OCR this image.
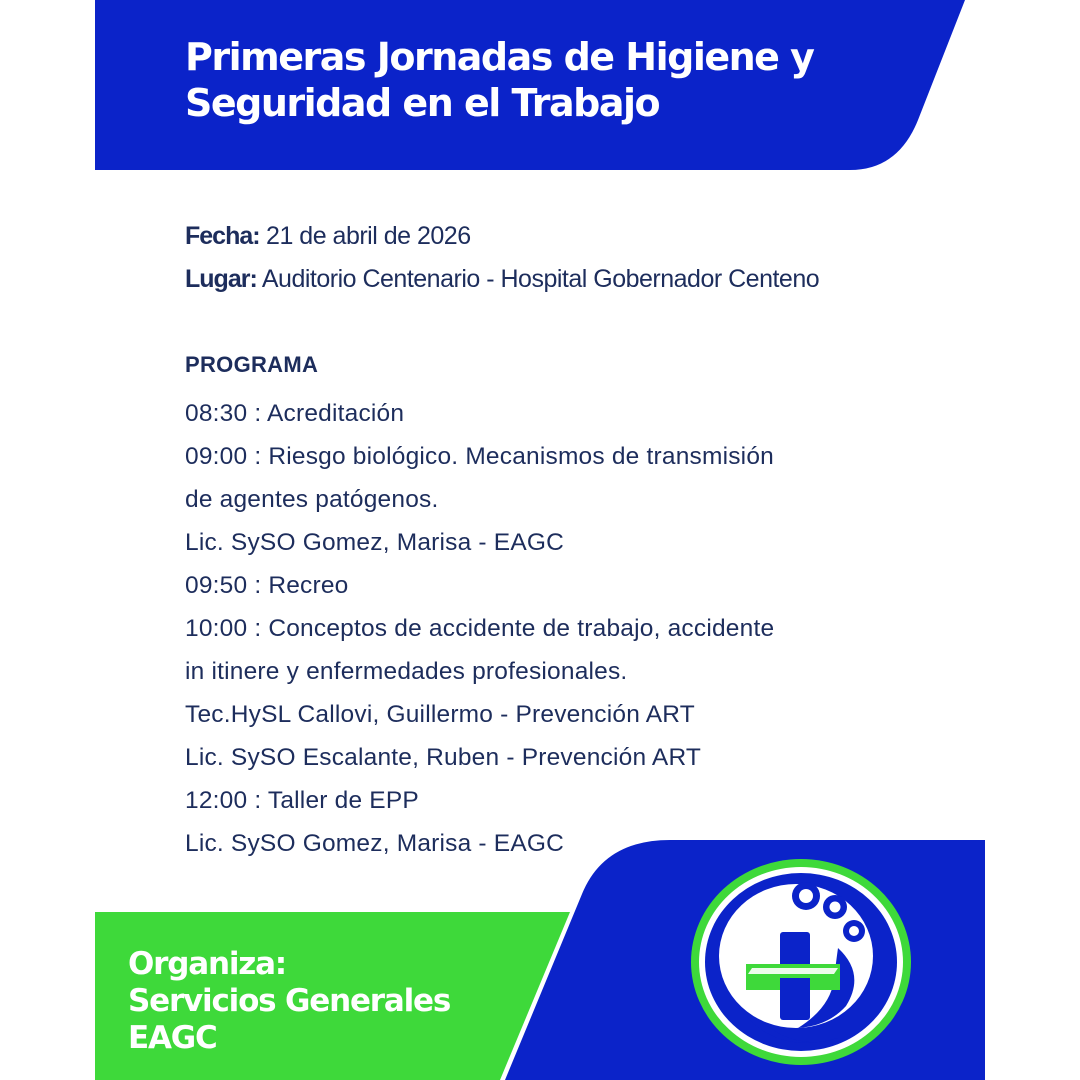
Primeras Jornadas de Higiene y
Seguridad en el Trabajo
Fecha: 21 de abril de 2026
Lugar: Auditorio Centenario - Hospital Gobernador Centeno
PROGRAMA
08:30 : Acreditación
09:00 : Riesgo biológico. Mecanismos de transmisión
de agentes patógenos.
Lic. SySO Gomez, Marisa - EAGC
09:50 : Recreo
10:00 : Conceptos de accidente de trabajo, accidente
in itinere y enfermedades profesionales.
Tec.HySL Callovi, Guillermo - Prevención ART
Lic. SySO Escalante, Ruben - Prevención ART
12:00 : Taller de EPP
Lic. SySO Gomez, Marisa - EAGC
Organiza:
Servicios Generales
EAGC
